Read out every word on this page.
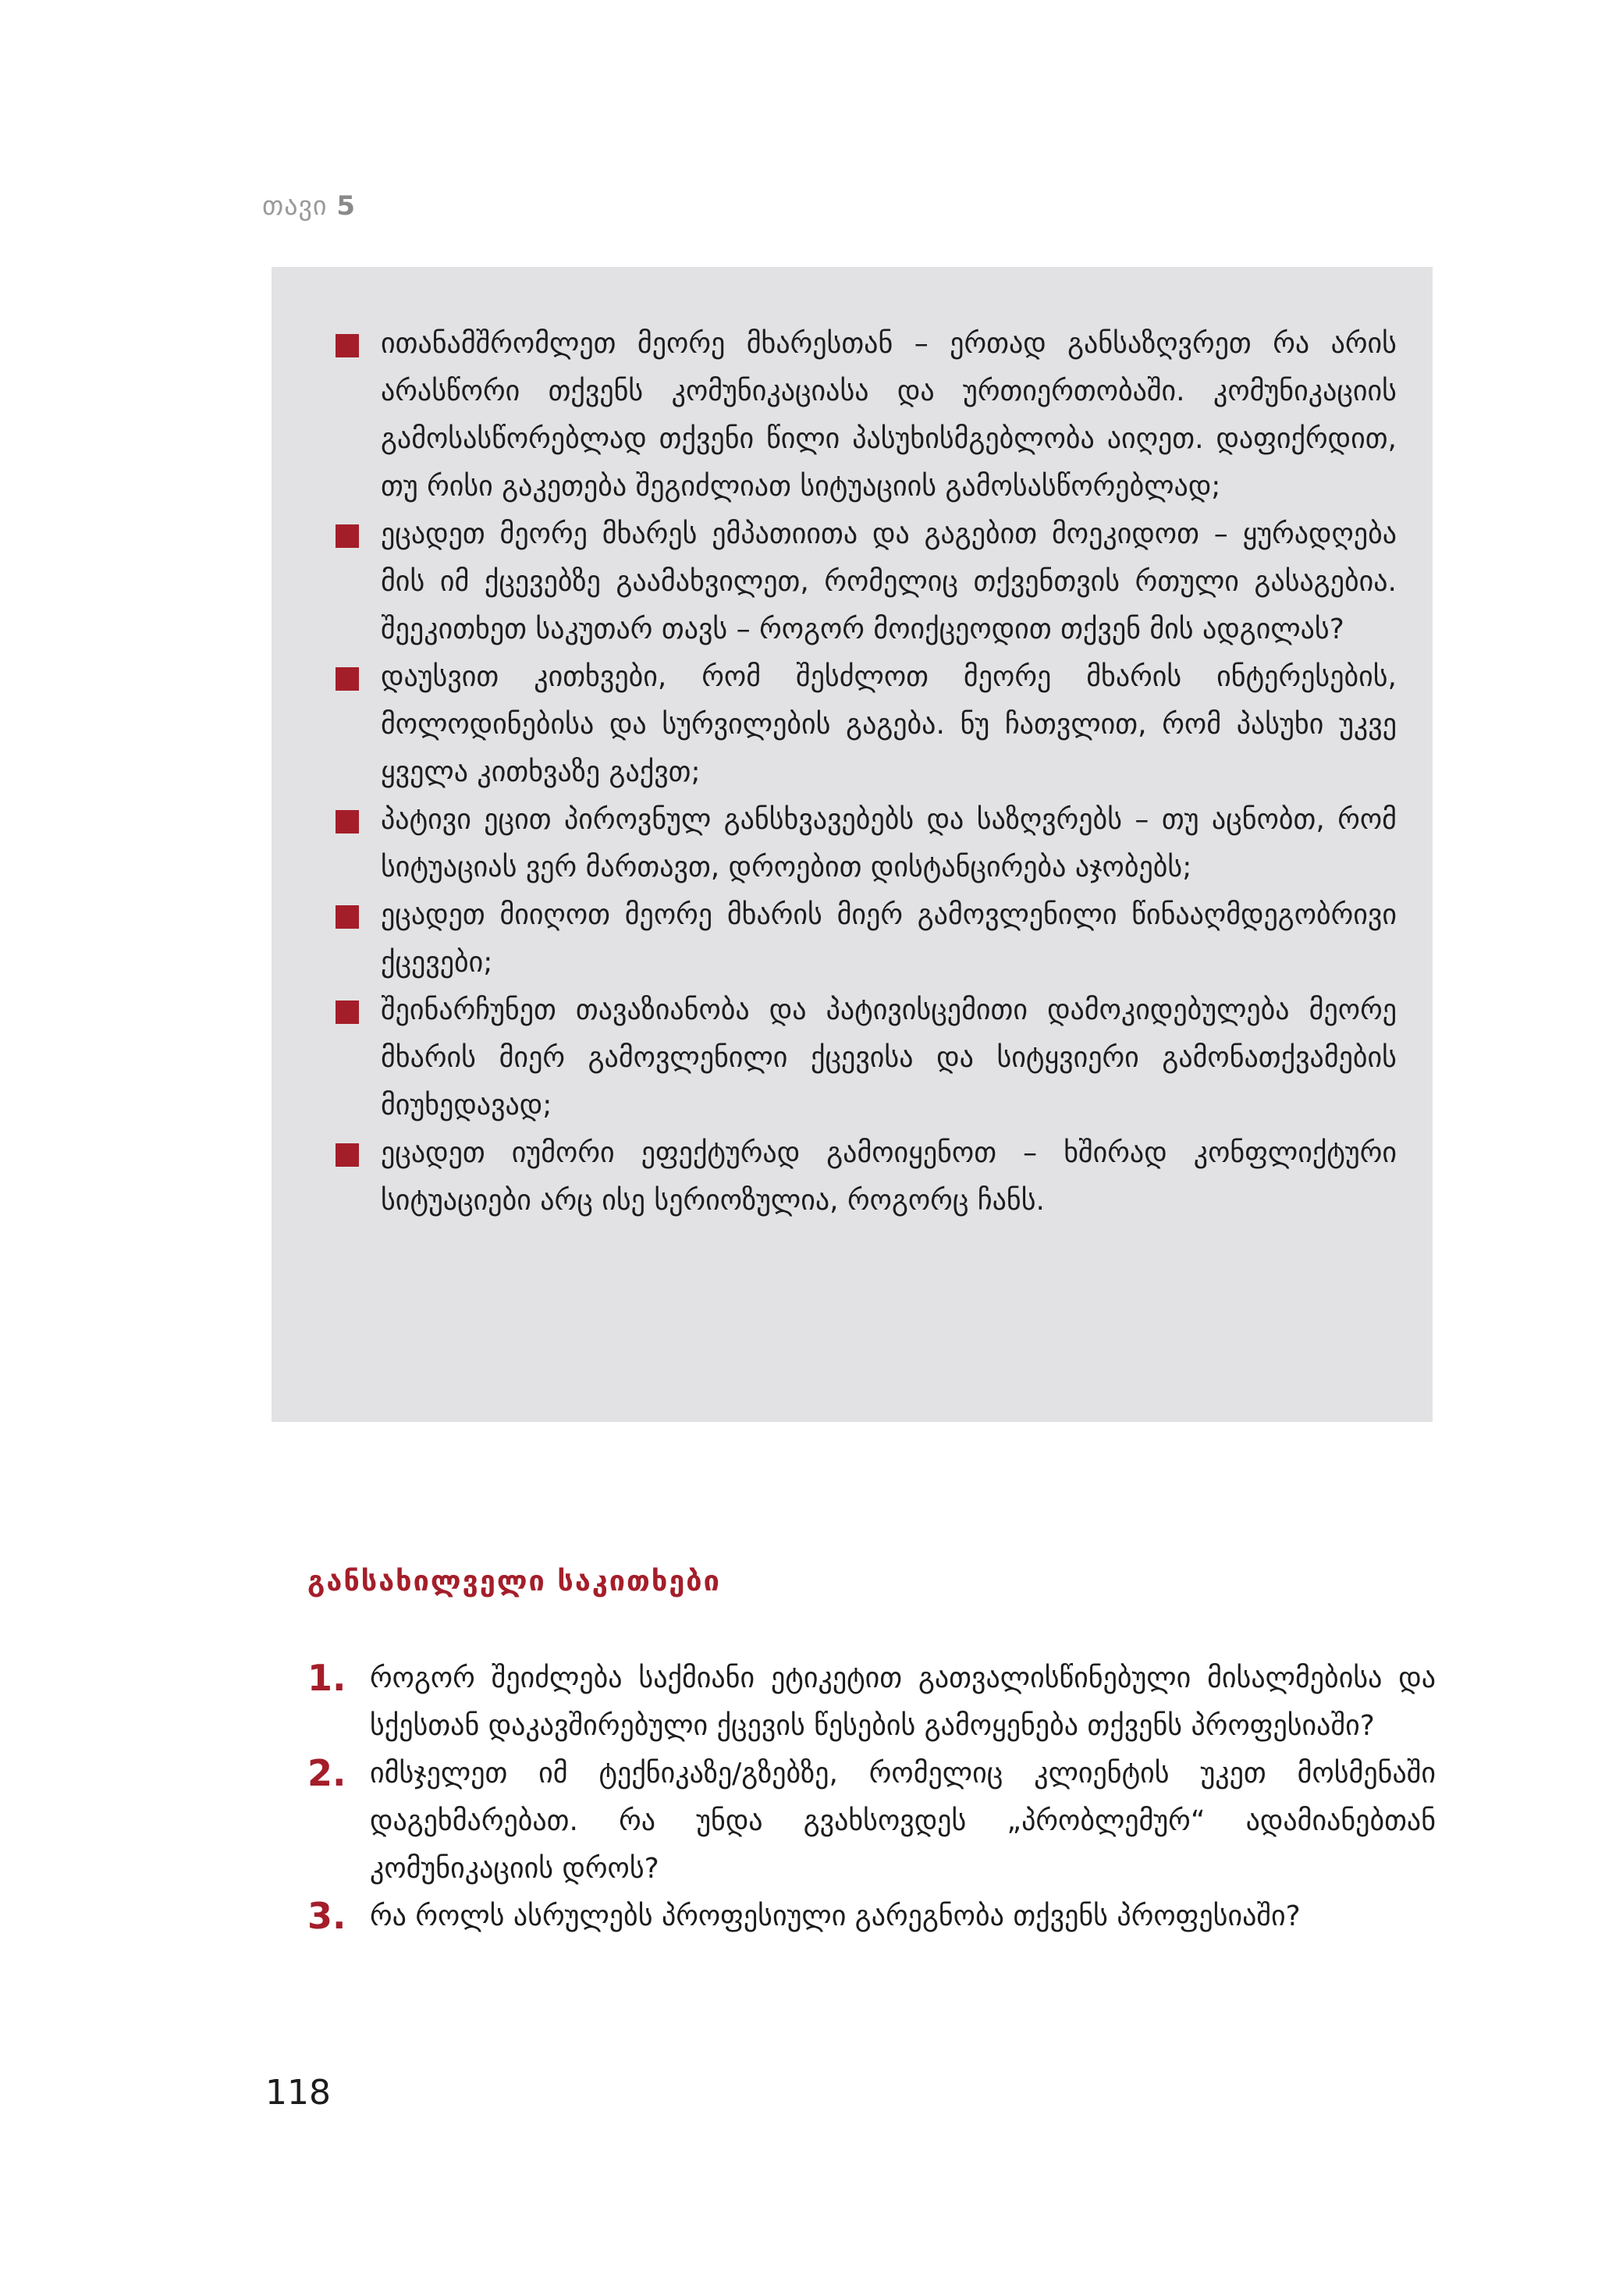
თავი 5
ითანამშრომლეთ მეორე მხარესთან – ერთად განსაზღვრეთ რა არის არასწორი თქვენს კომუნიკაციასა და ურთიერთობაში. კომუნიკაციის გამოსასწორებლად თქვენი წილი პასუხისმგებლობა აიღეთ. დაფიქრდით, თუ რისი გაკეთება შეგიძლიათ სიტუაციის გამოსასწორებლად;
ეცადეთ მეორე მხარეს ემპათიითა და გაგებით მოეკიდოთ – ყურადღება მის იმ ქცევებზე გაამახვილეთ, რომელიც თქვენთვის რთული გასაგებია. შეეკითხეთ საკუთარ თავს – როგორ მოიქცეოდით თქვენ მის ადგილას?
დაუსვით კითხვები, რომ შესძლოთ მეორე მხარის ინტერესების, მოლოდინებისა და სურვილების გაგება. ნუ ჩათვლით, რომ პასუხი უკვე ყველა კითხვაზე გაქვთ;
პატივი ეცით პიროვნულ განსხვავებებს და საზღვრებს – თუ აცნობთ, რომ სიტუაციას ვერ მართავთ, დროებით დისტანცირება აჯობებს;
ეცადეთ მიიღოთ მეორე მხარის მიერ გამოვლენილი წინააღმდეგობრივი ქცევები;
შეინარჩუნეთ თავაზიანობა და პატივისცემითი დამოკიდებულება მეორე მხარის მიერ გამოვლენილი ქცევისა და სიტყვიერი გამონათქვამების მიუხედავად;
ეცადეთ იუმორი ეფექტურად გამოიყენოთ – ხშირად კონფლიქტური სიტუაციები არც ისე სერიოზულია, როგორც ჩანს.
განსახილველი საკითხები
1. როგორ შეიძლება საქმიანი ეტიკეტით გათვალისწინებული მისალმებისა და სქესთან დაკავშირებული ქცევის წესების გამოყენება თქვენს პროფესიაში?
2. იმსჯელეთ იმ ტექნიკაზე/გზებზე, რომელიც კლიენტის უკეთ მოსმენაში დაგეხმარებათ. რა უნდა გვახსოვდეს „პრობლემურ“ ადამიანებთან კომუნიკაციის დროს?
3. რა როლს ასრულებს პროფესიული გარეგნობა თქვენს პროფესიაში?
118
